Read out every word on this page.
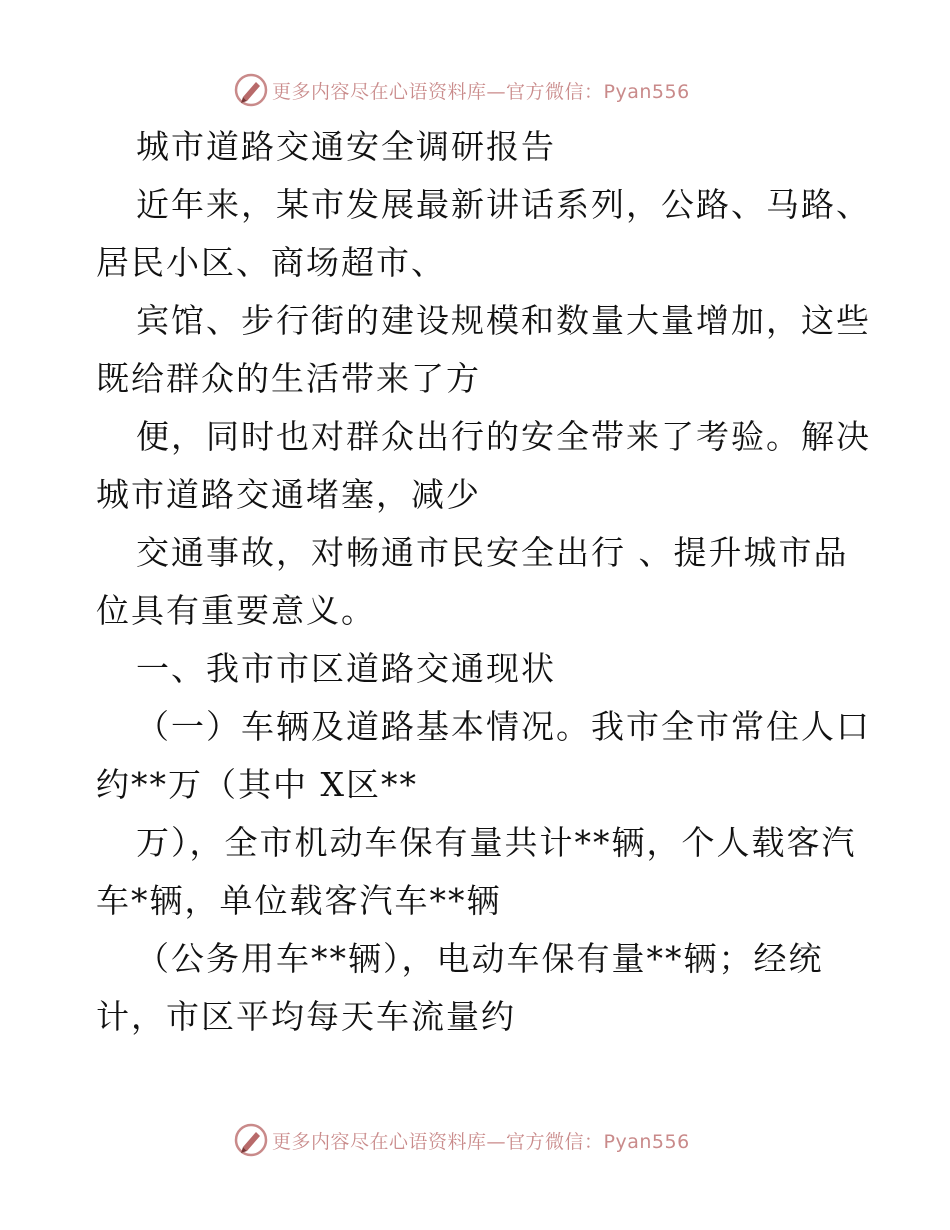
更多内容尽在心语资料库—官方微信：Pyan556
城市道路交通安全调研报告
近年来，某市发展最新讲话系列，公路、马路、
居民小区、商场超市、
宾馆、步行街的建设规模和数量大量增加，这些
既给群众的生活带来了方
便，同时也对群众出行的安全带来了考验。解决
城市道路交通堵塞，减少
交通事故，对畅通市民安全出行 、提升城市品
位具有重要意义。
一、我市市区道路交通现状
（一）车辆及道路基本情况。我市全市常住人口
约**万（其中 X区**
万），全市机动车保有量共计**辆，个人载客汽
车*辆，单位载客汽车**辆
（公务用车**辆），电动车保有量**辆；经统
计，市区平均每天车流量约
更多内容尽在心语资料库—官方微信：Pyan556
